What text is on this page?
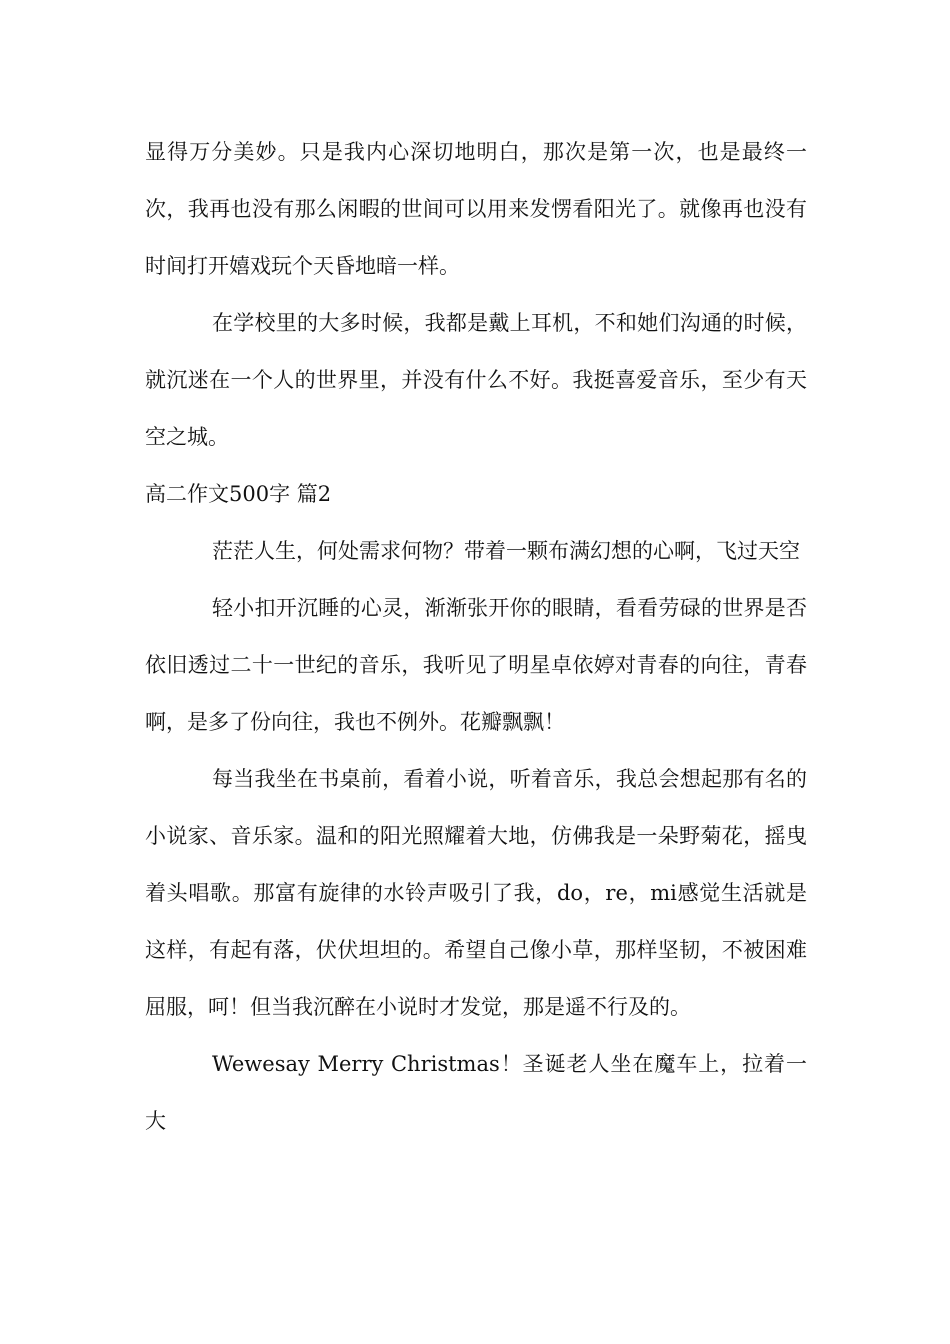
显得万分美妙。只是我内心深切地明白，那次是第一次，也是最终一次，我再也没有那么闲暇的世间可以用来发愣看阳光了。就像再也没有时间打开嬉戏玩个天昏地暗一样。

在学校里的大多时候，我都是戴上耳机，不和她们沟通的时候，就沉迷在一个人的世界里，并没有什么不好。我挺喜爱音乐，至少有天空之城。

高二作文500字 篇2

茫茫人生，何处需求何物？带着一颗布满幻想的心啊，飞过天空

轻小扣开沉睡的心灵，渐渐张开你的眼睛，看看劳碌的世界是否依旧透过二十一世纪的音乐，我听见了明星卓依婷对青春的向往，青春啊，是多了份向往，我也不例外。花瓣飘飘！

每当我坐在书桌前，看着小说，听着音乐，我总会想起那有名的小说家、音乐家。温和的阳光照耀着大地，仿佛我是一朵野菊花，摇曳着头唱歌。那富有旋律的水铃声吸引了我，do，re，mi感觉生活就是这样，有起有落，伏伏坦坦的。希望自己像小草，那样坚韧，不被困难屈服，呵！但当我沉醉在小说时才发觉，那是遥不行及的。

Wewesay Merry Christmas！圣诞老人坐在魔车上，拉着一大
